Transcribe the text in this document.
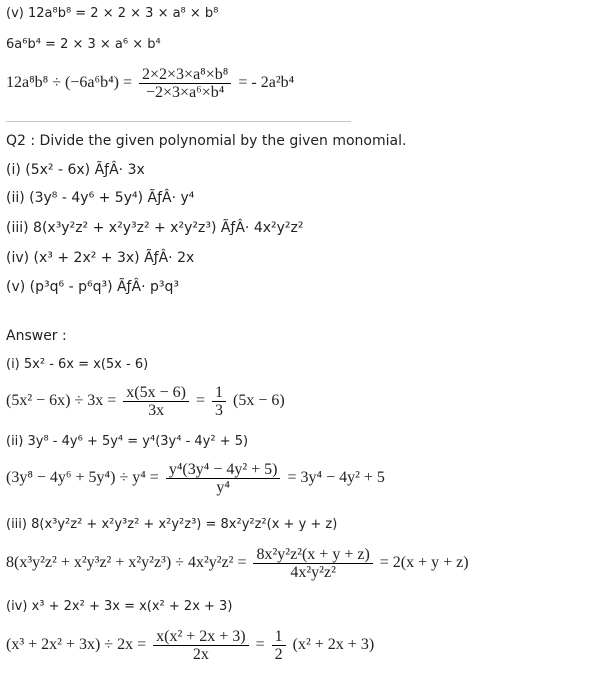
(v) 12a⁸b⁸ = 2 × 2 × 3 × a⁸ × b⁸
6a⁶b⁴ = 2 × 3 × a⁶ × b⁴
$12a^8b^8 \div (-6a^6b^4) = \frac{\text{2×2×3×a⁸×b⁸}}{\text{−2×3×a⁶×b⁴}}$ = - 2a²b⁴
Q2 : Divide the given polynomial by the given monomial.
(i) (5x² - 6x) ÃƒÂ· 3x
(ii) (3y⁸ - 4y⁶ + 5y⁴) ÃƒÂ· y⁴
(iii) 8(x³y²z² + x²y³z² + x²y²z³) ÃƒÂ· 4x²y²z²
(iv) (x³ + 2x² + 3x) ÃƒÂ· 2x
(v) (p³q⁶ - p⁶q³) ÃƒÂ· p³q³
Answer :
(i) 5x² - 6x = x(5x - 6)
$(5x^2 - 6x) \div 3x = \frac{x(5x - 6)}{3x} = \frac{1}{3} (5x - 6)$
(ii) 3y⁸ - 4y⁶ + 5y⁴ = y⁴(3y⁴ - 4y² + 5)
$(3y^8 - 4y^6 + 5y^4) \div y^4 = \frac{\text{y⁴(3y⁴ − 4y² + 5)}}{\text{y⁴}} = 3y^4 - 4y^2 + 5$
(iii) 8(x³y²z² + x²y³z² + x²y²z³) = 8x²y²z²(x + y + z)
$8(x^3y^2z^2 + x^2y^3z^2 + x^2y^2z^3) \div 4x^2y^2z^2 = \frac{\text{8x²y²z²(x + y + z)}}{\text{4x²y²z²}} = 2(x + y + z)$
(iv) x³ + 2x² + 3x = x(x² + 2x + 3)
$(x^3 + 2x^2 + 3x) \div 2x = \frac{\text{x(x² + 2x + 3)}}{2x} = \frac{1}{2} (x^2 + 2x + 3)$
